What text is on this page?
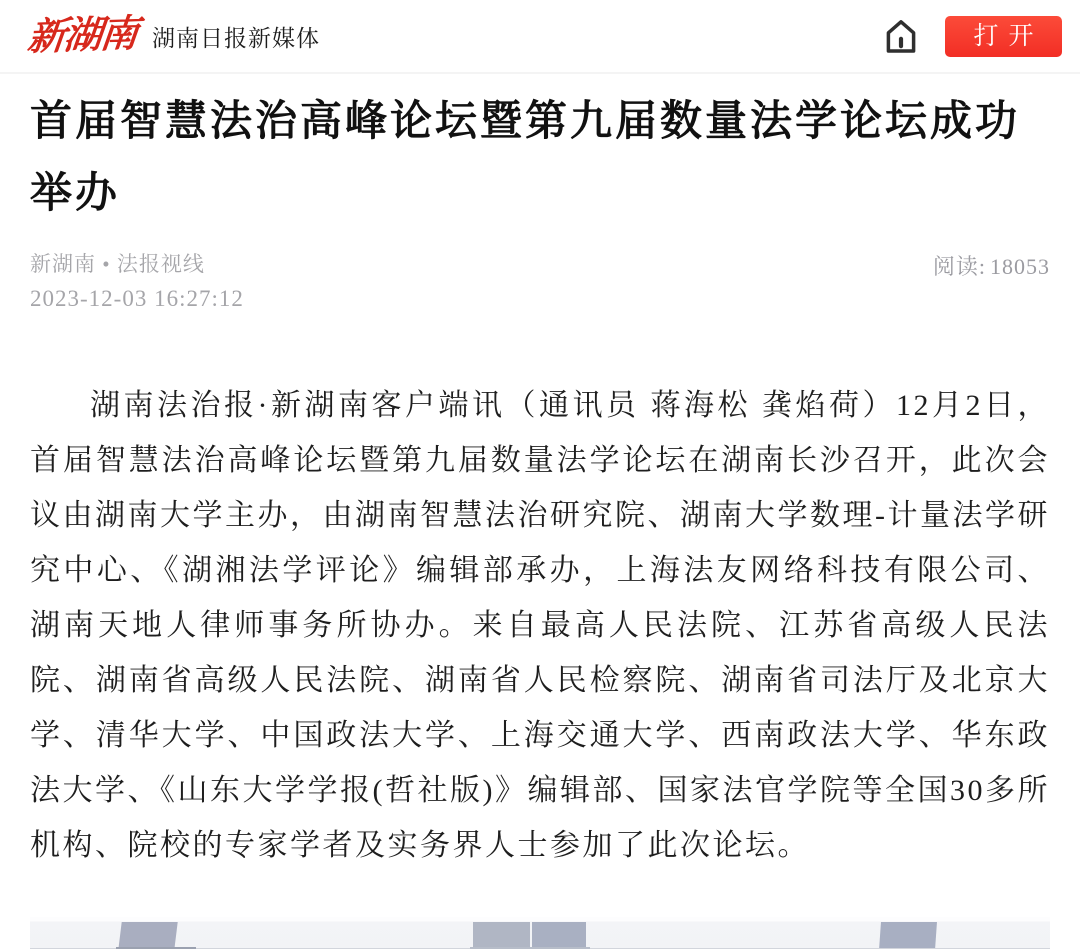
新湖南 湖南日报新媒体	打开
首届智慧法治高峰论坛暨第九届数量法学论坛成功举办
新湖南 • 法报视线
2023-12-03 16:27:12
阅读: 18053

湖南法治报·新湖南客户端讯（通讯员 蒋海松 龚焰荷）12月2日，首届智慧法治高峰论坛暨第九届数量法学论坛在湖南长沙召开，此次会议由湖南大学主办，由湖南智慧法治研究院、湖南大学数理-计量法学研究中心、《湖湘法学评论》编辑部承办，上海法友网络科技有限公司、湖南天地人律师事务所协办。来自最高人民法院、江苏省高级人民法院、湖南省高级人民法院、湖南省人民检察院、湖南省司法厅及北京大学、清华大学、中国政法大学、上海交通大学、西南政法大学、华东政法大学、《山东大学学报(哲社版)》编辑部、国家法官学院等全国30多所机构、院校的专家学者及实务界人士参加了此次论坛。
